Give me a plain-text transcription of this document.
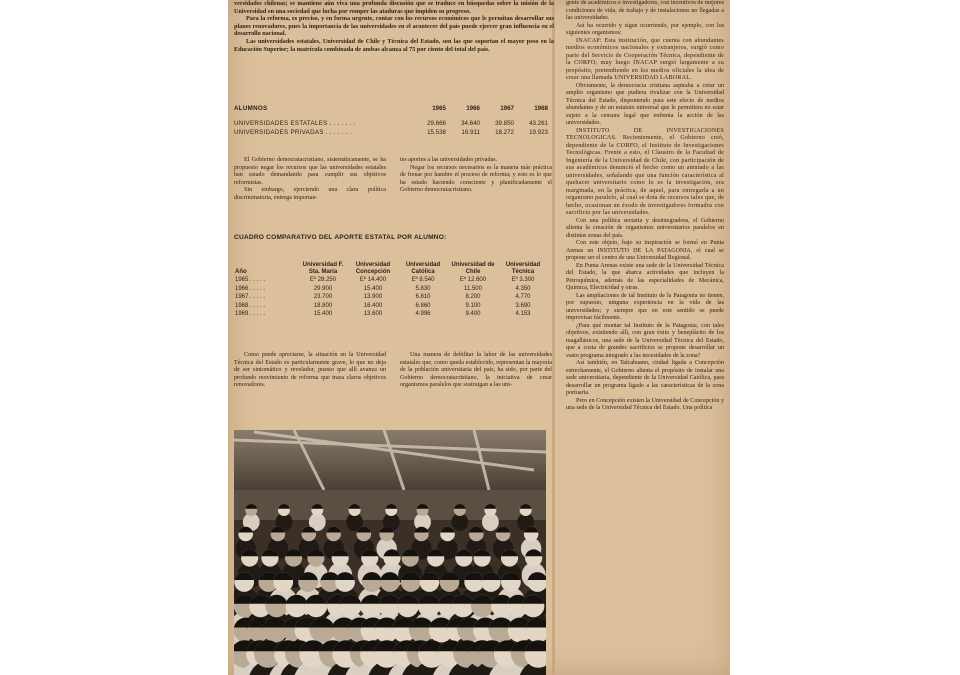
versidades chilenas; se mantiene aún viva una profunda discusión que se traduce en búsquedas sobre la misión de la Universidad en una sociedad que lucha por romper las ataduras que impiden su progreso.

Para la reforma, es preciso, y en forma urgente, contar con los recursos económicos que le permitan desarrollar sus planes renovadores, pues la importancia de las universidades en el acontecer del país puede ejercer gran influencia en el desarrollo nacional.

Las universidades estatales, Universidad de Chile y Técnica del Estado, son las que soportan el mayor peso en la Educación Superior; la matrícula combinada de ambas alcanza al 75 por ciento del total del país.

ALUMNOS	1965	1966	1967	1968
UNIVERSIDADES ESTATALES . . . . . . .	29.666	34.640	39.850	43.261
UNIVERSIDADES PRIVADAS . . . . . . .	15.538	16.911	18.272	19.923

El Gobierno democratacristiano, sistemáticamente, se ha propuesto negar los recursos que las universidades estatales han estado demandando para cumplir sus objetivos reformistas.

Sin embargo, ejerciendo una clara política discriminatoria, entrega importan-

tes aportes a las universidades privadas.

Negar los recursos necesarios es la manera más práctica de frenar por hambre el proceso de reforma; y esto es lo que ha estado haciendo consciente y planificadamente el Gobierno democratacristiano.

CUADRO COMPARATIVO DEL APORTE ESTATAL POR ALUMNO:
Año	Universidad F. Sta. María	Universidad Concepción	Universidad Católica	Universidad de Chile	Universidad Técnica
1965 . . . . .	Eº 28.250	Eº 14.400	Eº 8.540	Eº 12.600	Eº 3.300
1966 . . . . .	29.900	15.400	5.830	11.500	4.350
1967 . . . . .	23.700	13.900	6.810	8.200	4.770
1968 . . . . .	18.800	16.400	6.860	9.100	3.690
1969 . . . . .	15.400	13.600	4.996	9.400	4.153

Como puede apreciarse, la situación en la Universidad Técnica del Estado es particularmente grave, lo que no deja de ser sintomático y revelador, puesto que allí avanza un profundo movimiento de reforma que traza claros objetivos renovadores.

Una manera de debilitar la labor de las universidades estatales que, como queda establecido, representan la mayoría de la población universitaria del país, ha sido, por parte del Gobierno democratacristiano, la iniciativa de crear organismos paralelos que sustraigan a las uni-

gente de académicos e investigadores, con incentivos de mejores condiciones de vida, de trabajo y de instalaciones no llegadas a las universidades.

Así ha ocurrido y sigue ocurriendo, por ejemplo, con los siguientes organismos:

INACAP: Esta institución, que cuenta con abundantes medios económicos nacionales y extranjeros, surgió como parte del Servicio de Cooperación Técnica, dependiente de la CORFO; muy luego INACAP surgió largamente a su propósito, pretendiendo en los medios oficiales la idea de crear una llamada UNIVERSIDAD LABORAL.

Obviamente, la democracia cristiana aspiraba a crear un amplio organismo que pudiera rivalizar con la Universidad Técnica del Estado, disponiendo para este efecto de medios abundantes y de un estatuto universal que le permitiera no estar sujeto a la censura legal que enfrenta la acción de las universidades.

INSTITUTO DE INVESTIGACIONES TECNOLOGICAS. Recientemente, el Gobierno creó, dependiente de la CORFO, el Instituto de Investigaciones Tecnológicas. Frente a esto, el Claustro de la Facultad de Ingeniería de la Universidad de Chile, con participación de sus académicos denunció el hecho como un atentado a las universidades, señalando que una función característica al quehacer universitario como lo es la investigación, era marginada, en la práctica, de aquel, para entregarla a un organismo paralelo, al cual se dota de recursos tales que, de hecho, ocasionan un éxodo de investigadores formados con sacrificio por las universidades.

Con una política sectaria y desintegradora, el Gobierno alienta la creación de organismos universitarios paralelos en distintas zonas del país.

Con este objeto, bajo su inspiración se formó en Punta Arenas un INSTITUTO DE LA PATAGONIA, el cual se propone ser el centro de una Universidad Regional.

En Punta Arenas existe una sede de la Universidad Técnica del Estado, la que abarca actividades que incluyen la Petroquímica, además de las especialidades de Mecánica, Química, Electricidad y otras.

Las ampliaciones de tal Instituto de la Patagonia no tienen, por supuesto, ninguna experiencia en la vida de las universidades; y siempre que en este sentido se puede improvisar fácilmente.

¿Para qué montar tal Instituto de la Patagonia, con tales objetivos, existiendo allí, con gran éxito y beneplácito de los magallánicos, una sede de la Universidad Técnica del Estado, que a costa de grandes sacrificios se propone desarrollar un vasto programa integrado a las necesidades de la zona?

Así también, en Talcahuano, ciudad ligada a Concepción estrechamente, el Gobierno alienta el propósito de instalar una sede universitaria, dependiente de la Universidad Católica, para desarrollar un programa ligado a las características de la zona portuaria.

Pero en Concepción existen la Universidad de Concepción y una sede de la Universidad Técnica del Estado. Una política
